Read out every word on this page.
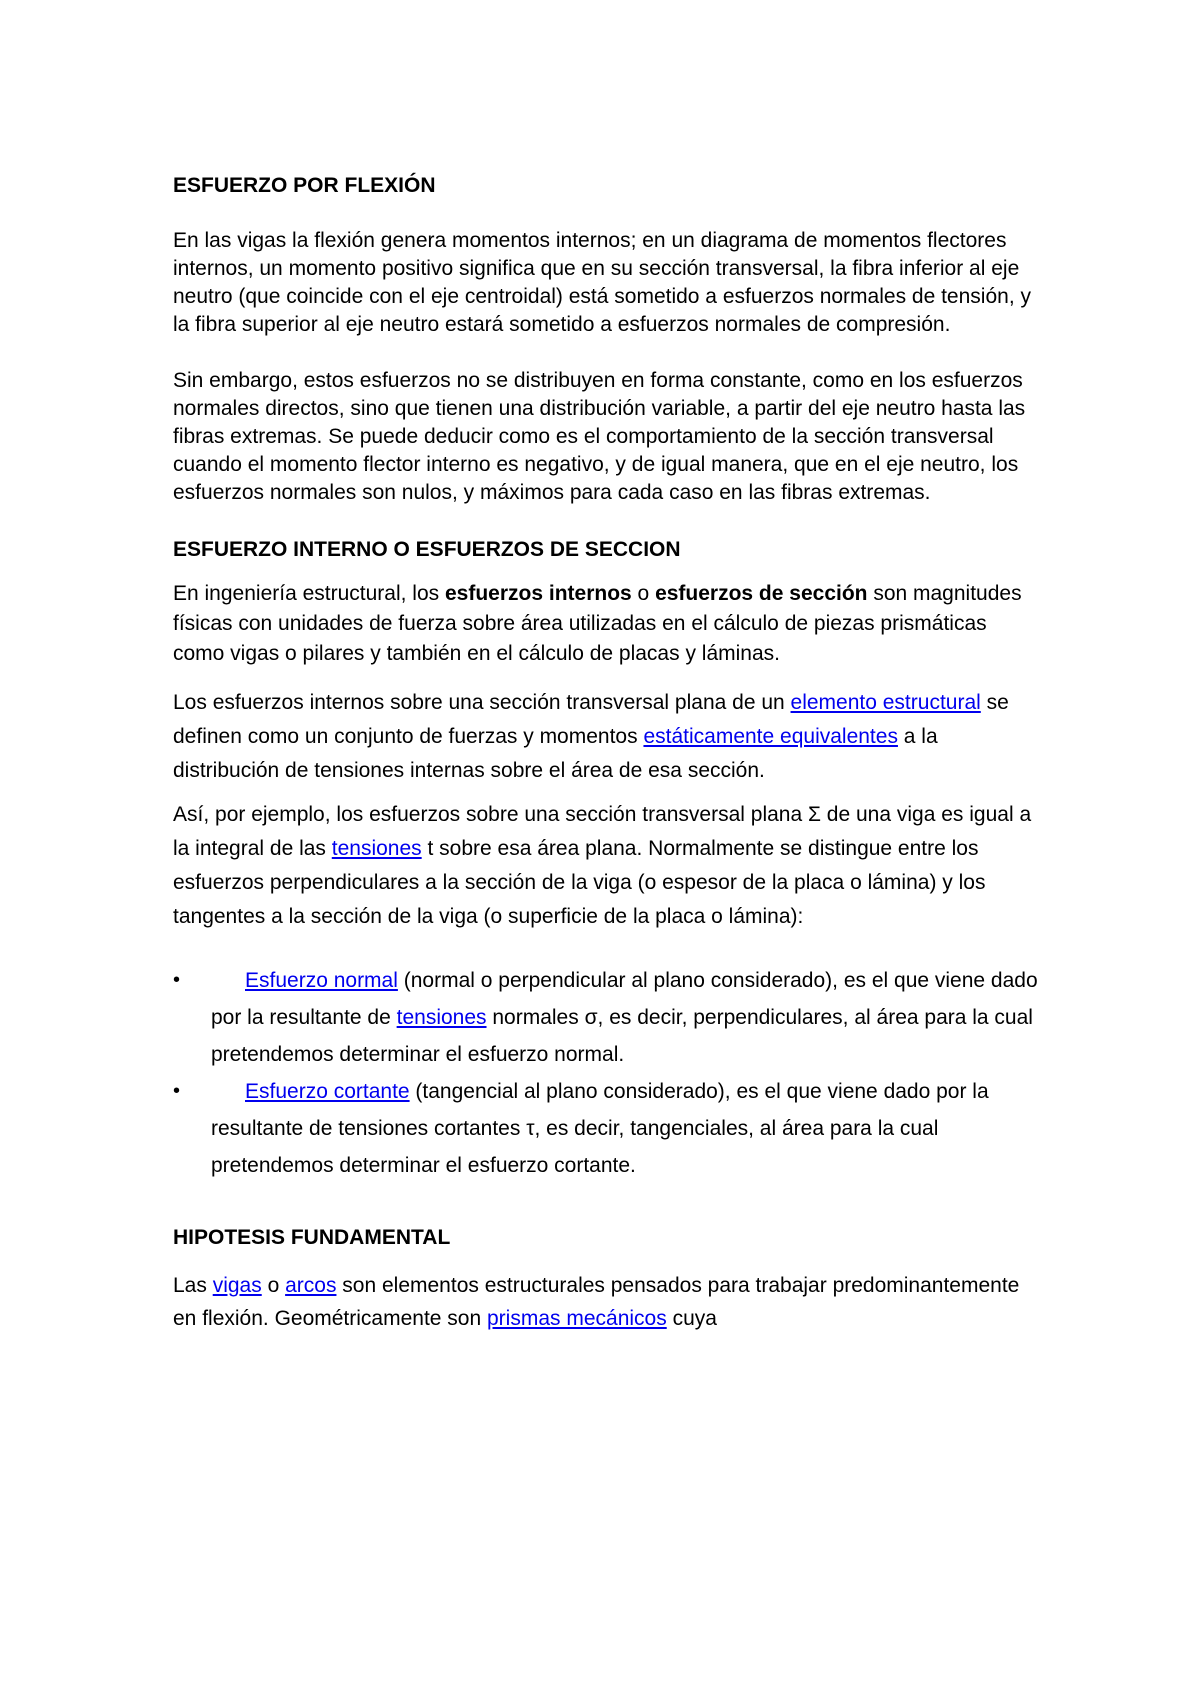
ESFUERZO POR FLEXIÓN

En las vigas la flexión genera momentos internos; en un diagrama de momentos flectores internos, un momento positivo significa que en su sección transversal, la fibra inferior al eje neutro (que coincide con el eje centroidal) está sometido a esfuerzos normales de tensión, y la fibra superior al eje neutro estará sometido a esfuerzos normales de compresión.

Sin embargo, estos esfuerzos no se distribuyen en forma constante, como en los esfuerzos normales directos, sino que tienen una distribución variable, a partir del eje neutro hasta las fibras extremas. Se puede deducir como es el comportamiento de la sección transversal cuando el momento flector interno es negativo, y de igual manera, que en el eje neutro, los esfuerzos normales son nulos, y máximos para cada caso en las fibras extremas.

ESFUERZO INTERNO O ESFUERZOS DE SECCION

En ingeniería estructural, los esfuerzos internos o esfuerzos de sección son magnitudes físicas con unidades de fuerza sobre área utilizadas en el cálculo de piezas prismáticas como vigas o pilares y también en el cálculo de placas y láminas.

Los esfuerzos internos sobre una sección transversal plana de un elemento estructural se definen como un conjunto de fuerzas y momentos estáticamente equivalentes a la distribución de tensiones internas sobre el área de esa sección.

Así, por ejemplo, los esfuerzos sobre una sección transversal plana Σ de una viga es igual a la integral de las tensiones t sobre esa área plana. Normalmente se distingue entre los esfuerzos perpendiculares a la sección de la viga (o espesor de la placa o lámina) y los tangentes a la sección de la viga (o superficie de la placa o lámina):

•	Esfuerzo normal (normal o perpendicular al plano considerado), es el que viene dado por la resultante de tensiones normales σ, es decir, perpendiculares, al área para la cual pretendemos determinar el esfuerzo normal.
•	Esfuerzo cortante (tangencial al plano considerado), es el que viene dado por la resultante de tensiones cortantes τ, es decir, tangenciales, al área para la cual pretendemos determinar el esfuerzo cortante.
HIPOTESIS FUNDAMENTAL

Las vigas o arcos son elementos estructurales pensados para trabajar predominantemente en flexión. Geométricamente son prismas mecánicos cuya
